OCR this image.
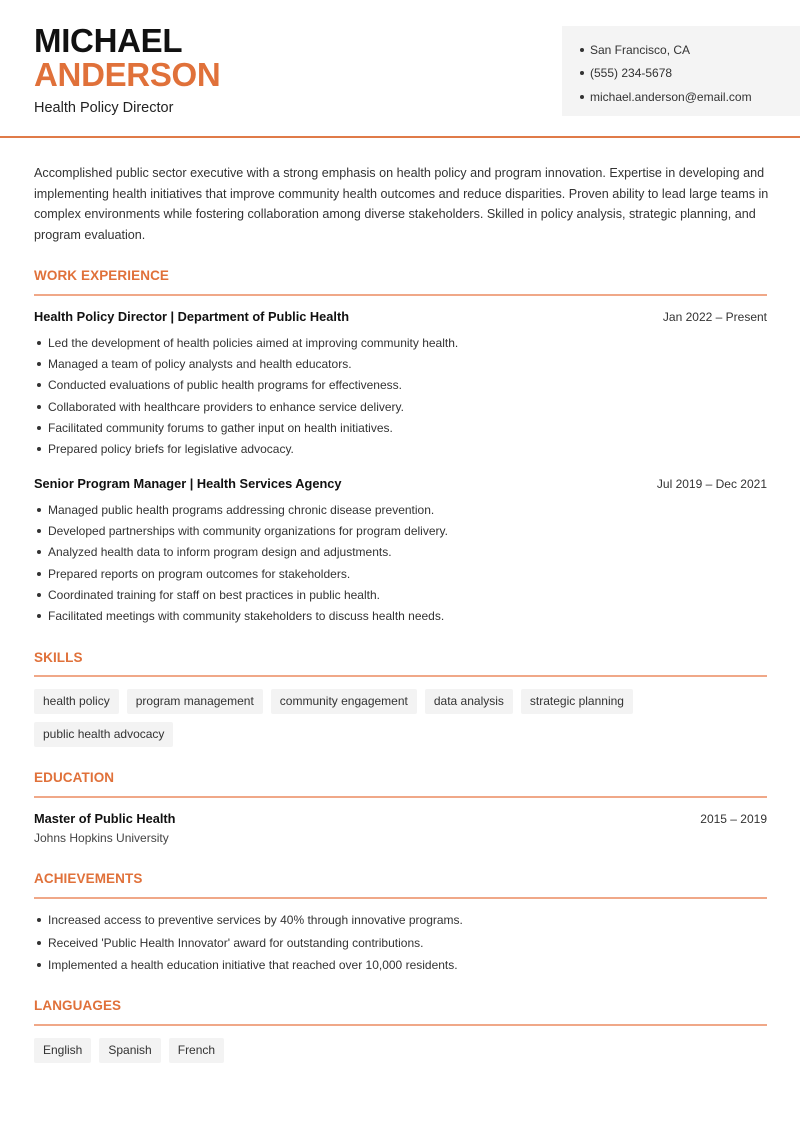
MICHAEL
ANDERSON
Health Policy Director
San Francisco, CA
(555) 234-5678
michael.anderson@email.com

Accomplished public sector executive with a strong emphasis on health policy and program innovation. Expertise in developing and implementing health initiatives that improve community health outcomes and reduce disparities. Proven ability to lead large teams in complex environments while fostering collaboration among diverse stakeholders. Skilled in policy analysis, strategic planning, and program evaluation.

WORK EXPERIENCE
Health Policy Director | Department of Public Health	Jan 2022 – Present
Led the development of health policies aimed at improving community health.
Managed a team of policy analysts and health educators.
Conducted evaluations of public health programs for effectiveness.
Collaborated with healthcare providers to enhance service delivery.
Facilitated community forums to gather input on health initiatives.
Prepared policy briefs for legislative advocacy.
Senior Program Manager | Health Services Agency	Jul 2019 – Dec 2021
Managed public health programs addressing chronic disease prevention.
Developed partnerships with community organizations for program delivery.
Analyzed health data to inform program design and adjustments.
Prepared reports on program outcomes for stakeholders.
Coordinated training for staff on best practices in public health.
Facilitated meetings with community stakeholders to discuss health needs.
SKILLS
health policy	program management	community engagement	data analysis	strategic planning
public health advocacy
EDUCATION
Master of Public Health	2015 – 2019
Johns Hopkins University
ACHIEVEMENTS
Increased access to preventive services by 40% through innovative programs.
Received 'Public Health Innovator' award for outstanding contributions.
Implemented a health education initiative that reached over 10,000 residents.
LANGUAGES
English	Spanish	French
